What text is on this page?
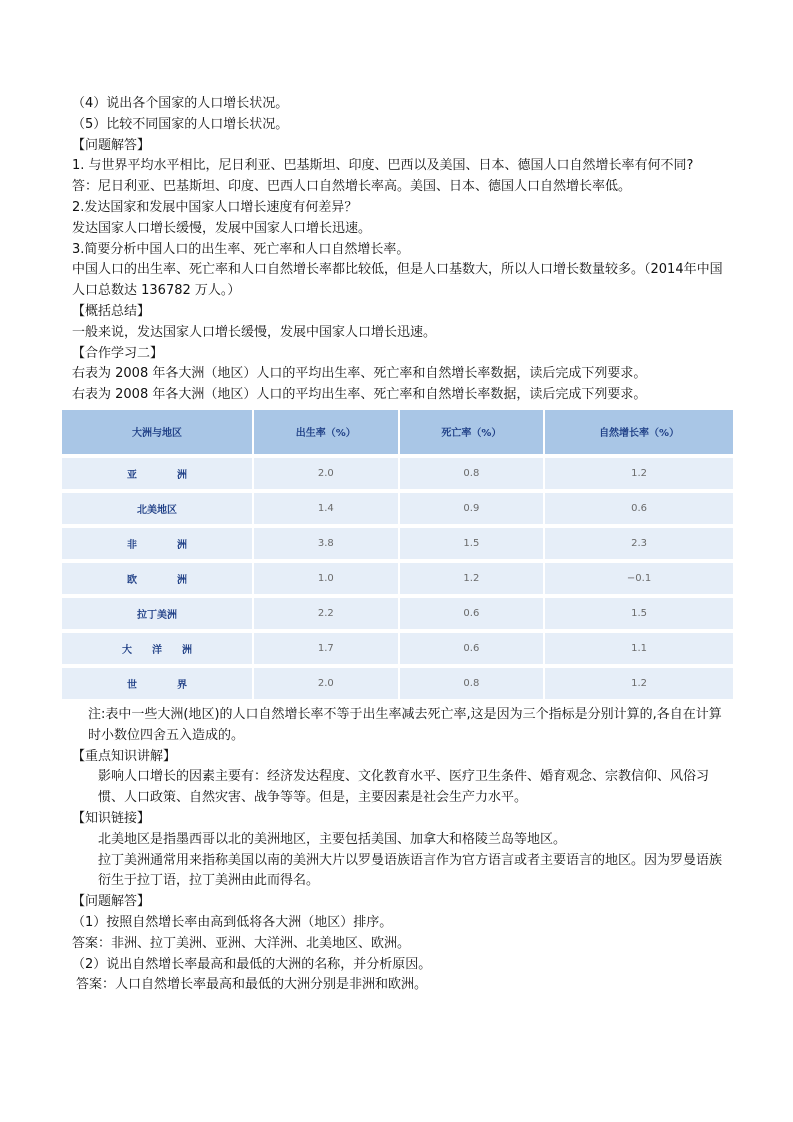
（4）说出各个国家的人口增长状况。
（5）比较不同国家的人口增长状况。
【问题解答】
1. 与世界平均水平相比，尼日利亚、巴基斯坦、印度、巴西以及美国、日本、德国人口自然增长率有何不同?
答：尼日利亚、巴基斯坦、印度、巴西人口自然增长率高。美国、日本、德国人口自然增长率低。
2.发达国家和发展中国家人口增长速度有何差异？
发达国家人口增长缓慢，发展中国家人口增长迅速。
3.简要分析中国人口的出生率、死亡率和人口自然增长率。
中国人口的出生率、死亡率和人口自然增长率都比较低，但是人口基数大，所以人口增长数量较多。（2014年中国人口总数达 136782 万人。）
【概括总结】
一般来说，发达国家人口增长缓慢，发展中国家人口增长迅速。
【合作学习二】
右表为 2008 年各大洲（地区）人口的平均出生率、死亡率和自然增长率数据，读后完成下列要求。
右表为 2008 年各大洲（地区）人口的平均出生率、死亡率和自然增长率数据，读后完成下列要求。
大洲与地区	出生率（%）	死亡率（%）	自然增长率（%）
亚　　　　洲	2.0	0.8	1.2
北美地区	1.4	0.9	0.6
非　　　　洲	3.8	1.5	2.3
欧　　　　洲	1.0	1.2	−0.1
拉丁美洲	2.2	0.6	1.5
大　　洋　　洲	1.7	0.6	1.1
世　　　　界	2.0	0.8	1.2
注:表中一些大洲(地区)的人口自然增长率不等于出生率减去死亡率,这是因为三个指标是分别计算的,各自在计算时小数位四舍五入造成的。
【重点知识讲解】
影响人口增长的因素主要有：经济发达程度、文化教育水平、医疗卫生条件、婚育观念、宗教信仰、风俗习惯、人口政策、自然灾害、战争等等。但是，主要因素是社会生产力水平。
【知识链接】
北美地区是指墨西哥以北的美洲地区，主要包括美国、加拿大和格陵兰岛等地区。
拉丁美洲通常用来指称美国以南的美洲大片以罗曼语族语言作为官方语言或者主要语言的地区。因为罗曼语族衍生于拉丁语，拉丁美洲由此而得名。
【问题解答】
（1）按照自然增长率由高到低将各大洲（地区）排序。
答案：非洲、拉丁美洲、亚洲、大洋洲、北美地区、欧洲。
（2）说出自然增长率最高和最低的大洲的名称，并分析原因。
答案：人口自然增长率最高和最低的大洲分别是非洲和欧洲。
